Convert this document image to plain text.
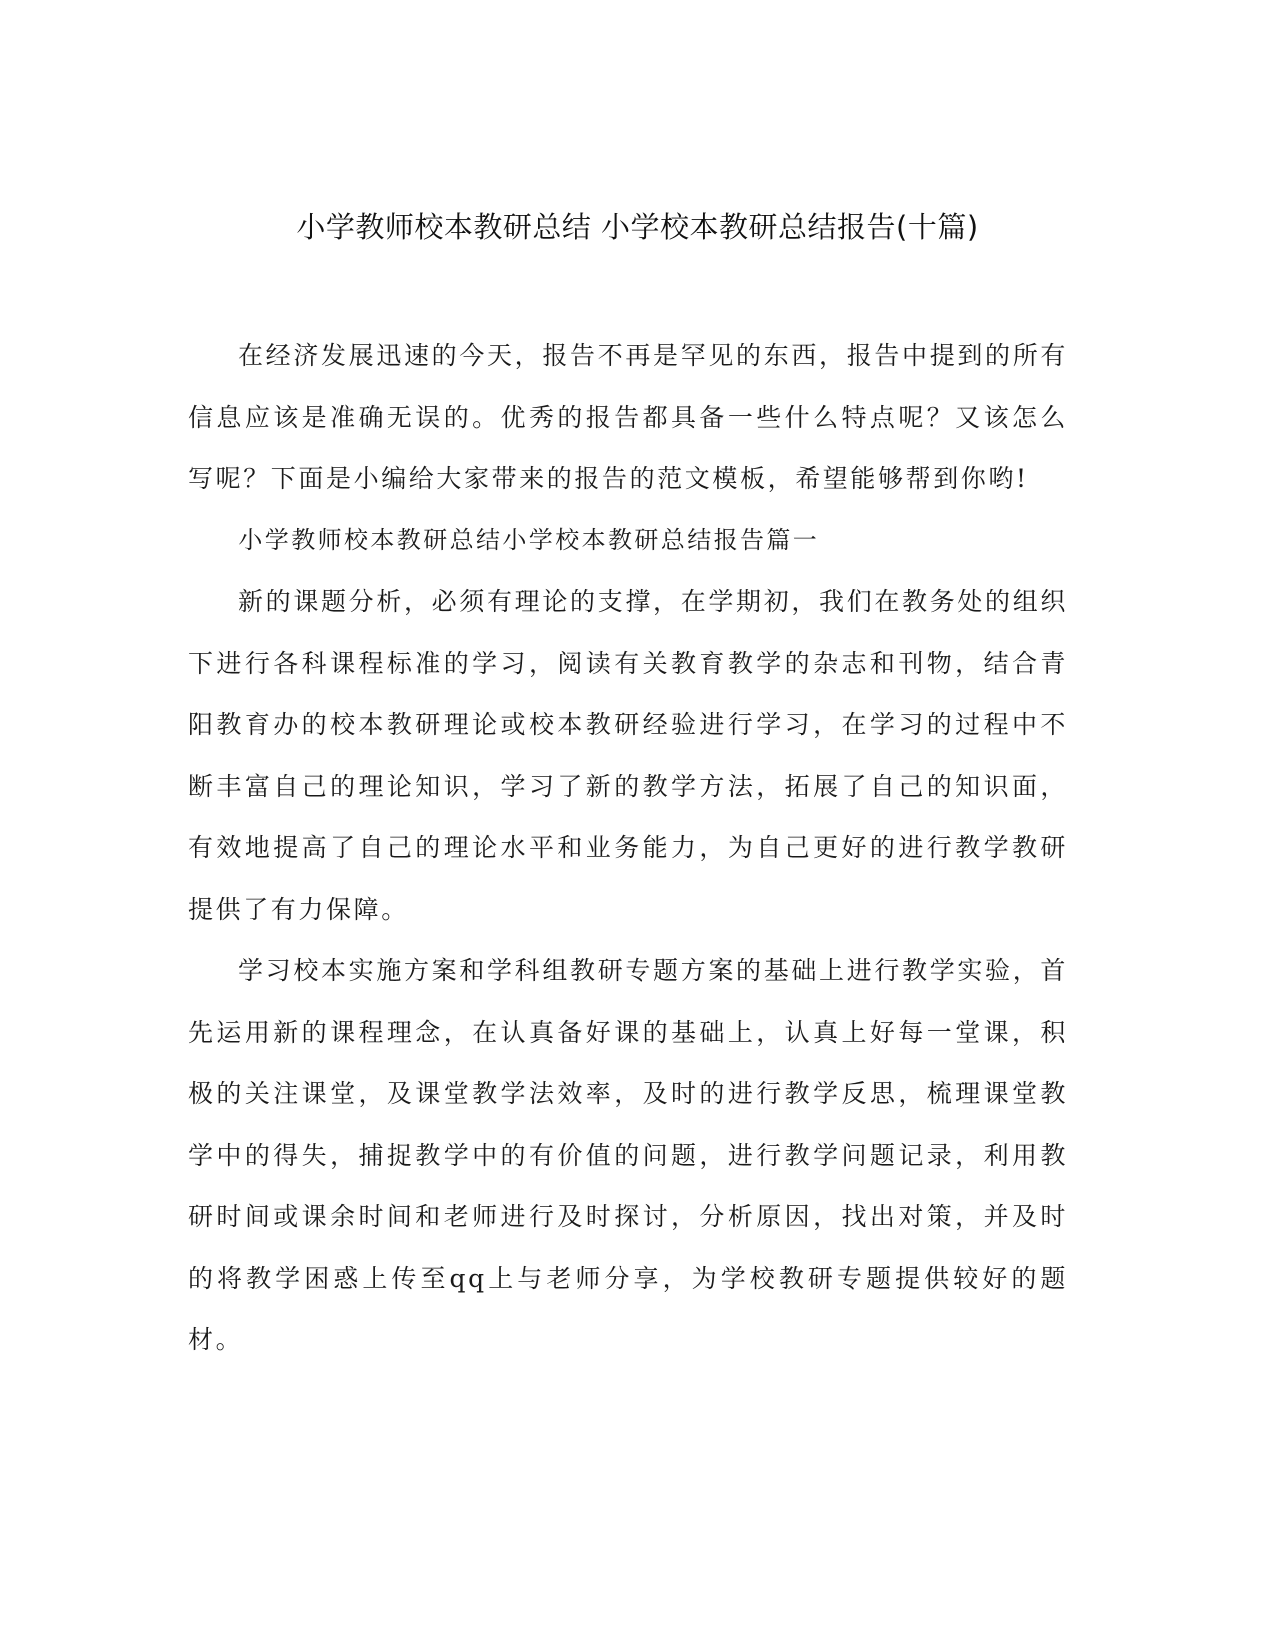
小学教师校本教研总结 小学校本教研总结报告(十篇)

在经济发展迅速的今天，报告不再是罕见的东西，报告中提到的所有信息应该是准确无误的。优秀的报告都具备一些什么特点呢？又该怎么写呢？下面是小编给大家带来的报告的范文模板，希望能够帮到你哟!

小学教师校本教研总结小学校本教研总结报告篇一

新的课题分析，必须有理论的支撑，在学期初，我们在教务处的组织下进行各科课程标准的学习，阅读有关教育教学的杂志和刊物，结合青阳教育办的校本教研理论或校本教研经验进行学习，在学习的过程中不断丰富自己的理论知识，学习了新的教学方法，拓展了自己的知识面，有效地提高了自己的理论水平和业务能力，为自己更好的进行教学教研提供了有力保障。

学习校本实施方案和学科组教研专题方案的基础上进行教学实验，首先运用新的课程理念，在认真备好课的基础上，认真上好每一堂课，积极的关注课堂，及课堂教学法效率，及时的进行教学反思，梳理课堂教学中的得失，捕捉教学中的有价值的问题，进行教学问题记录，利用教研时间或课余时间和老师进行及时探讨，分析原因，找出对策，并及时的将教学困惑上传至qq上与老师分享，为学校教研专题提供较好的题材。
